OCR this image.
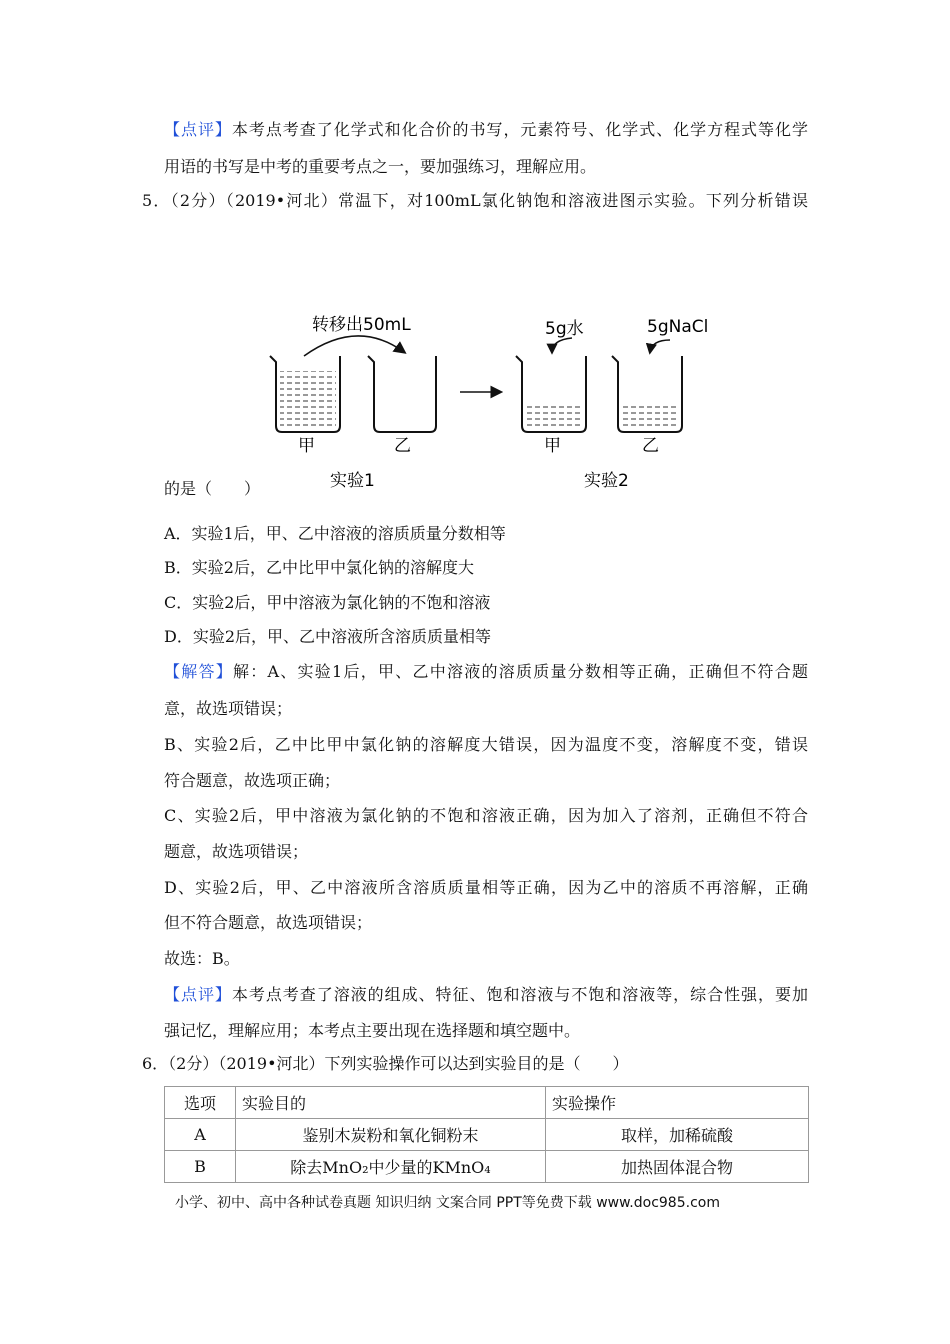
【点评】本考点考查了化学式和化合价的书写，元素符号、化学式、化学方程式等化学
用语的书写是中考的重要考点之一，要加强练习，理解应用。
5．（2分）（2019•河北）常温下，对100mL氯化钠饱和溶液进图示实验。下列分析错误
转移出50mL	5g水	5gNaCl
甲	乙	甲	乙
实验1	实验2
的是（　　）
A．实验1后，甲、乙中溶液的溶质质量分数相等
B．实验2后，乙中比甲中氯化钠的溶解度大
C．实验2后，甲中溶液为氯化钠的不饱和溶液
D．实验2后，甲、乙中溶液所含溶质质量相等
【解答】解：A、实验1后，甲、乙中溶液的溶质质量分数相等正确，正确但不符合题
意，故选项错误；
B、实验2后，乙中比甲中氯化钠的溶解度大错误，因为温度不变，溶解度不变，错误
符合题意，故选项正确；
C、实验2后，甲中溶液为氯化钠的不饱和溶液正确，因为加入了溶剂，正确但不符合
题意，故选项错误；
D、实验2后，甲、乙中溶液所含溶质质量相等正确，因为乙中的溶质不再溶解，正确
但不符合题意，故选项错误；
故选：B。
【点评】本考点考查了溶液的组成、特征、饱和溶液与不饱和溶液等，综合性强，要加
强记忆，理解应用；本考点主要出现在选择题和填空题中。
6．（2分）（2019•河北）下列实验操作可以达到实验目的是（　　）
选项	实验目的	实验操作
A	鉴别木炭粉和氧化铜粉末	取样，加稀硫酸
B	除去MnO₂中少量的KMnO₄	加热固体混合物
小学、初中、高中各种试卷真题 知识归纳 文案合同 PPT等免费下载 www.doc985.com
